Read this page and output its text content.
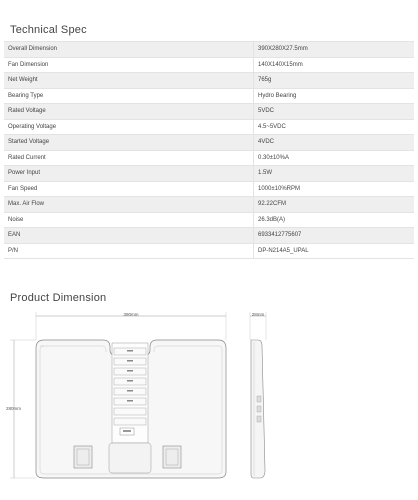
Technical Spec
Overall Dimension	390X280X27.5mm
Fan Dimension	140X140X15mm
Net Weight	765g
Bearing Type	Hydro Bearing
Rated Voltage	5VDC
Operating Voltage	4.5~5VDC
Started Voltage	4VDC
Rated Current	0.30±10%A
Power Input	1.5W
Fan Speed	1000±10%RPM
Max. Air Flow	92.22CFM
Noise	26.3dB(A)
EAN	6933412775607
P/N	DP-N214A5_UPAL
Product Dimension
390mm
280mm
28mm
